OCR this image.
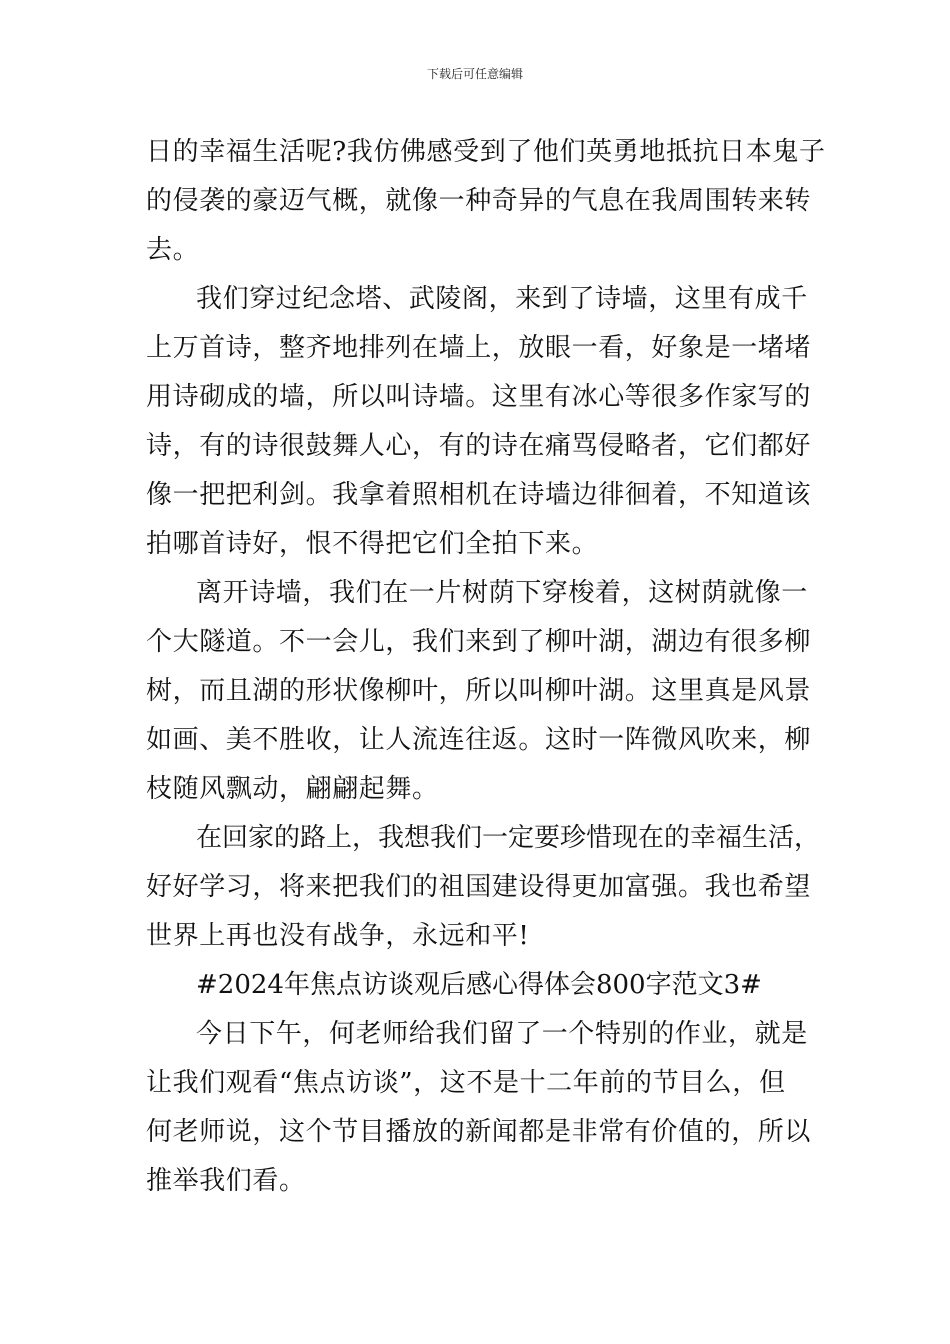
下载后可任意编辑
日的幸福生活呢?我仿佛感受到了他们英勇地抵抗日本鬼子
的侵袭的豪迈气概，就像一种奇异的气息在我周围转来转
去。
我们穿过纪念塔、武陵阁，来到了诗墙，这里有成千
上万首诗，整齐地排列在墙上，放眼一看，好象是一堵堵
用诗砌成的墙，所以叫诗墙。这里有冰心等很多作家写的
诗，有的诗很鼓舞人心，有的诗在痛骂侵略者，它们都好
像一把把利剑。我拿着照相机在诗墙边徘徊着，不知道该
拍哪首诗好，恨不得把它们全拍下来。
离开诗墙，我们在一片树荫下穿梭着，这树荫就像一
个大隧道。不一会儿，我们来到了柳叶湖，湖边有很多柳
树，而且湖的形状像柳叶，所以叫柳叶湖。这里真是风景
如画、美不胜收，让人流连往返。这时一阵微风吹来，柳
枝随风飘动，翩翩起舞。
在回家的路上，我想我们一定要珍惜现在的幸福生活，
好好学习，将来把我们的祖国建设得更加富强。我也希望
世界上再也没有战争，永远和平!
#2024年焦点访谈观后感心得体会800字范文3#
今日下午，何老师给我们留了一个特别的作业，就是
让我们观看“焦点访谈”，这不是十二年前的节目么，但
何老师说，这个节目播放的新闻都是非常有价值的，所以
推举我们看。
